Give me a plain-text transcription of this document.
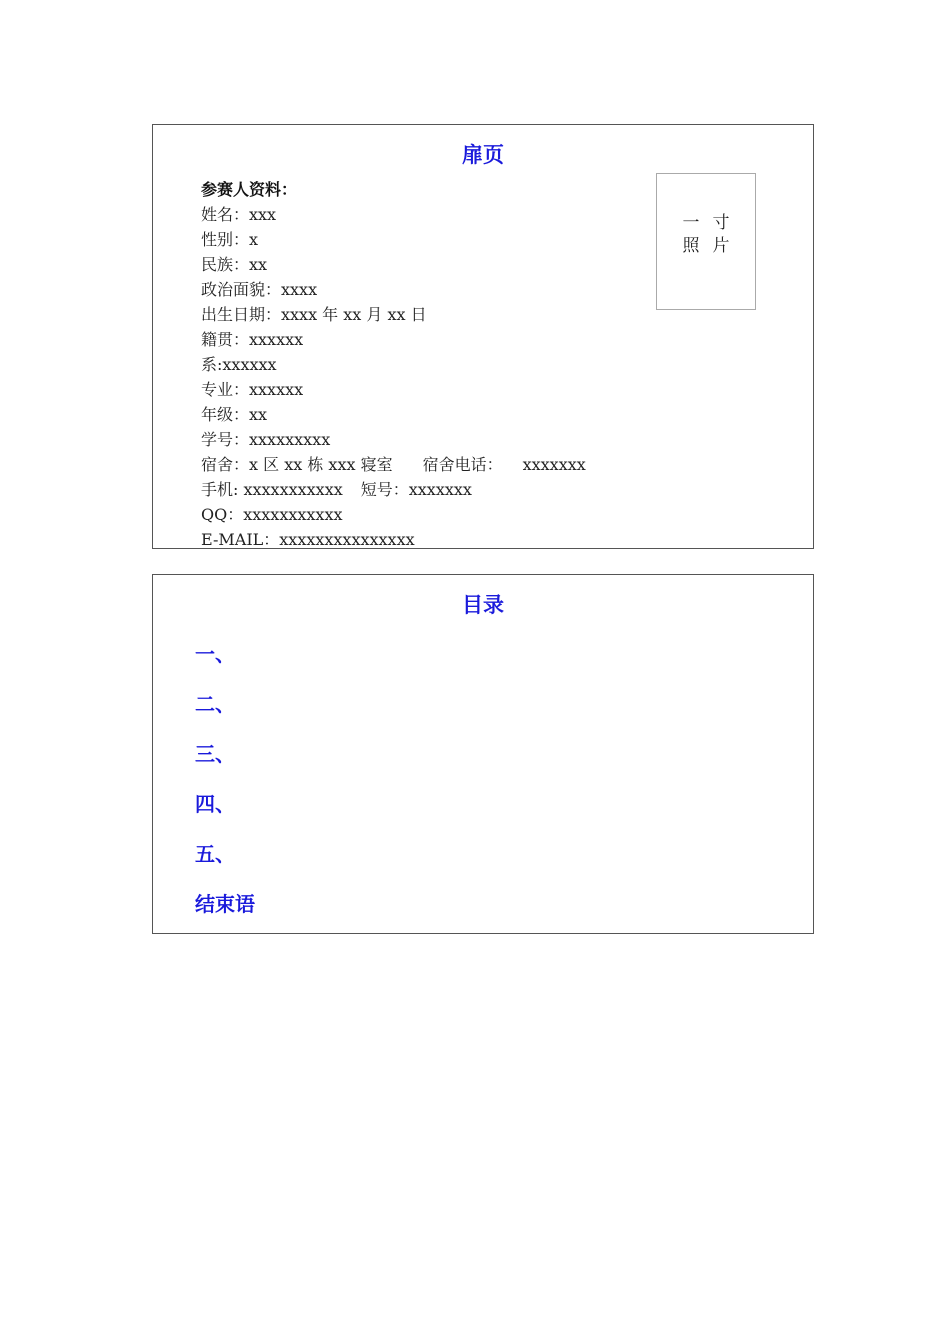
扉页
参赛人资料：
姓名：xxx
性别：x
民族：xx
政治面貌：xxxx
出生日期：xxxx 年 xx 月 xx 日
籍贯：xxxxxx
系:xxxxxx
专业：xxxxxx
年级：xx
学号：xxxxxxxxx
宿舍：x 区 xx 栋 xxx 寝室 宿舍电话： xxxxxxx
手机: xxxxxxxxxxx 短号：xxxxxxx
QQ：xxxxxxxxxxx
E-MAIL：xxxxxxxxxxxxxxx
一寸
照片
目录
一、
二、
三、
四、
五、
结束语
